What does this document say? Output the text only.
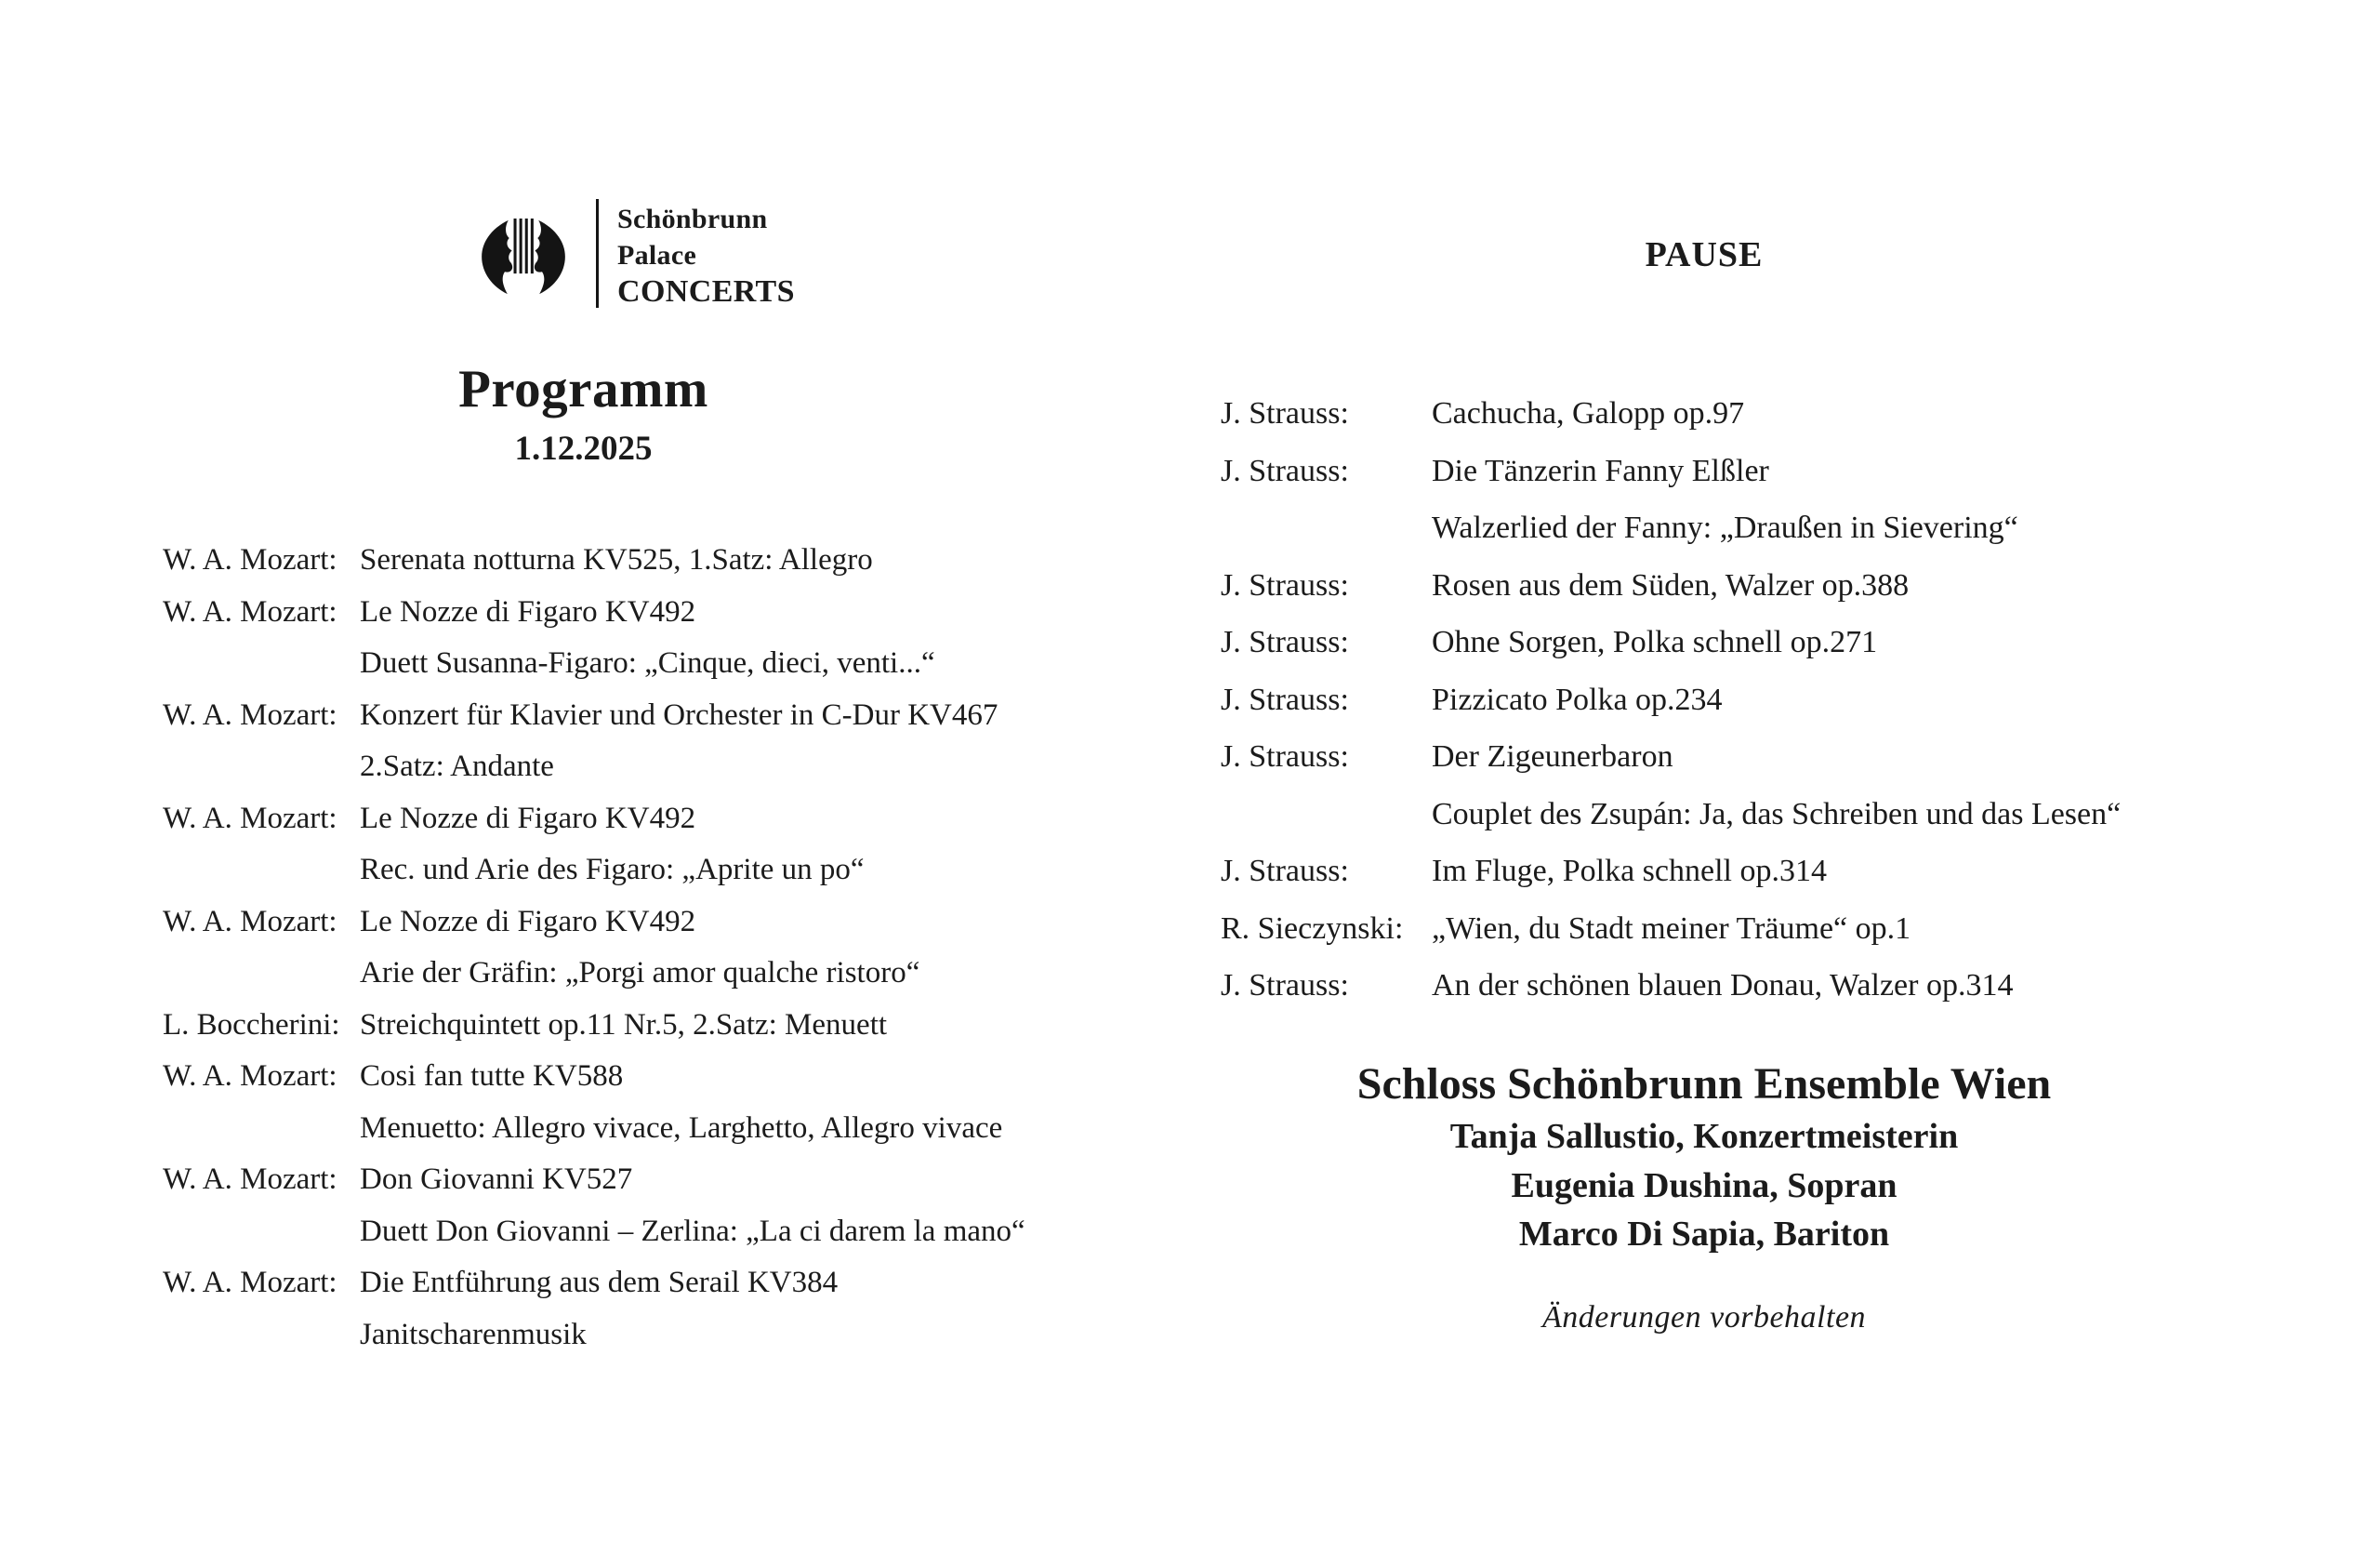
Schönbrunn
Palace
CONCERTS
Programm
1.12.2025
W. A. Mozart: Serenata notturna KV525, 1.Satz: Allegro
W. A. Mozart: Le Nozze di Figaro KV492
Duett Susanna-Figaro: „Cinque, dieci, venti...“
W. A. Mozart: Konzert für Klavier und Orchester in C-Dur KV467
2.Satz: Andante
W. A. Mozart: Le Nozze di Figaro KV492
Rec. und Arie des Figaro: „Aprite un po“
W. A. Mozart: Le Nozze di Figaro KV492
Arie der Gräfin: „Porgi amor qualche ristoro“
L. Boccherini: Streichquintett op.11 Nr.5, 2.Satz: Menuett
W. A. Mozart: Cosi fan tutte KV588
Menuetto: Allegro vivace, Larghetto, Allegro vivace
W. A. Mozart: Don Giovanni KV527
Duett Don Giovanni – Zerlina: „La ci darem la mano“
W. A. Mozart: Die Entführung aus dem Serail KV384
Janitscharenmusik
PAUSE
J. Strauss:	Cachucha, Galopp op.97
J. Strauss:	Die Tänzerin Fanny Elßler
Walzerlied der Fanny: „Draußen in Sievering“
J. Strauss:	Rosen aus dem Süden, Walzer op.388
J. Strauss:	Ohne Sorgen, Polka schnell op.271
J. Strauss:	Pizzicato Polka op.234
J. Strauss:	Der Zigeunerbaron
Couplet des Zsupán: Ja, das Schreiben und das Lesen“
J. Strauss:	Im Fluge, Polka schnell op.314
R. Sieczynski: „Wien, du Stadt meiner Träume“ op.1
J. Strauss:	An der schönen blauen Donau, Walzer op.314
Schloss Schönbrunn Ensemble Wien
Tanja Sallustio, Konzertmeisterin
Eugenia Dushina, Sopran
Marco Di Sapia, Bariton
Änderungen vorbehalten
